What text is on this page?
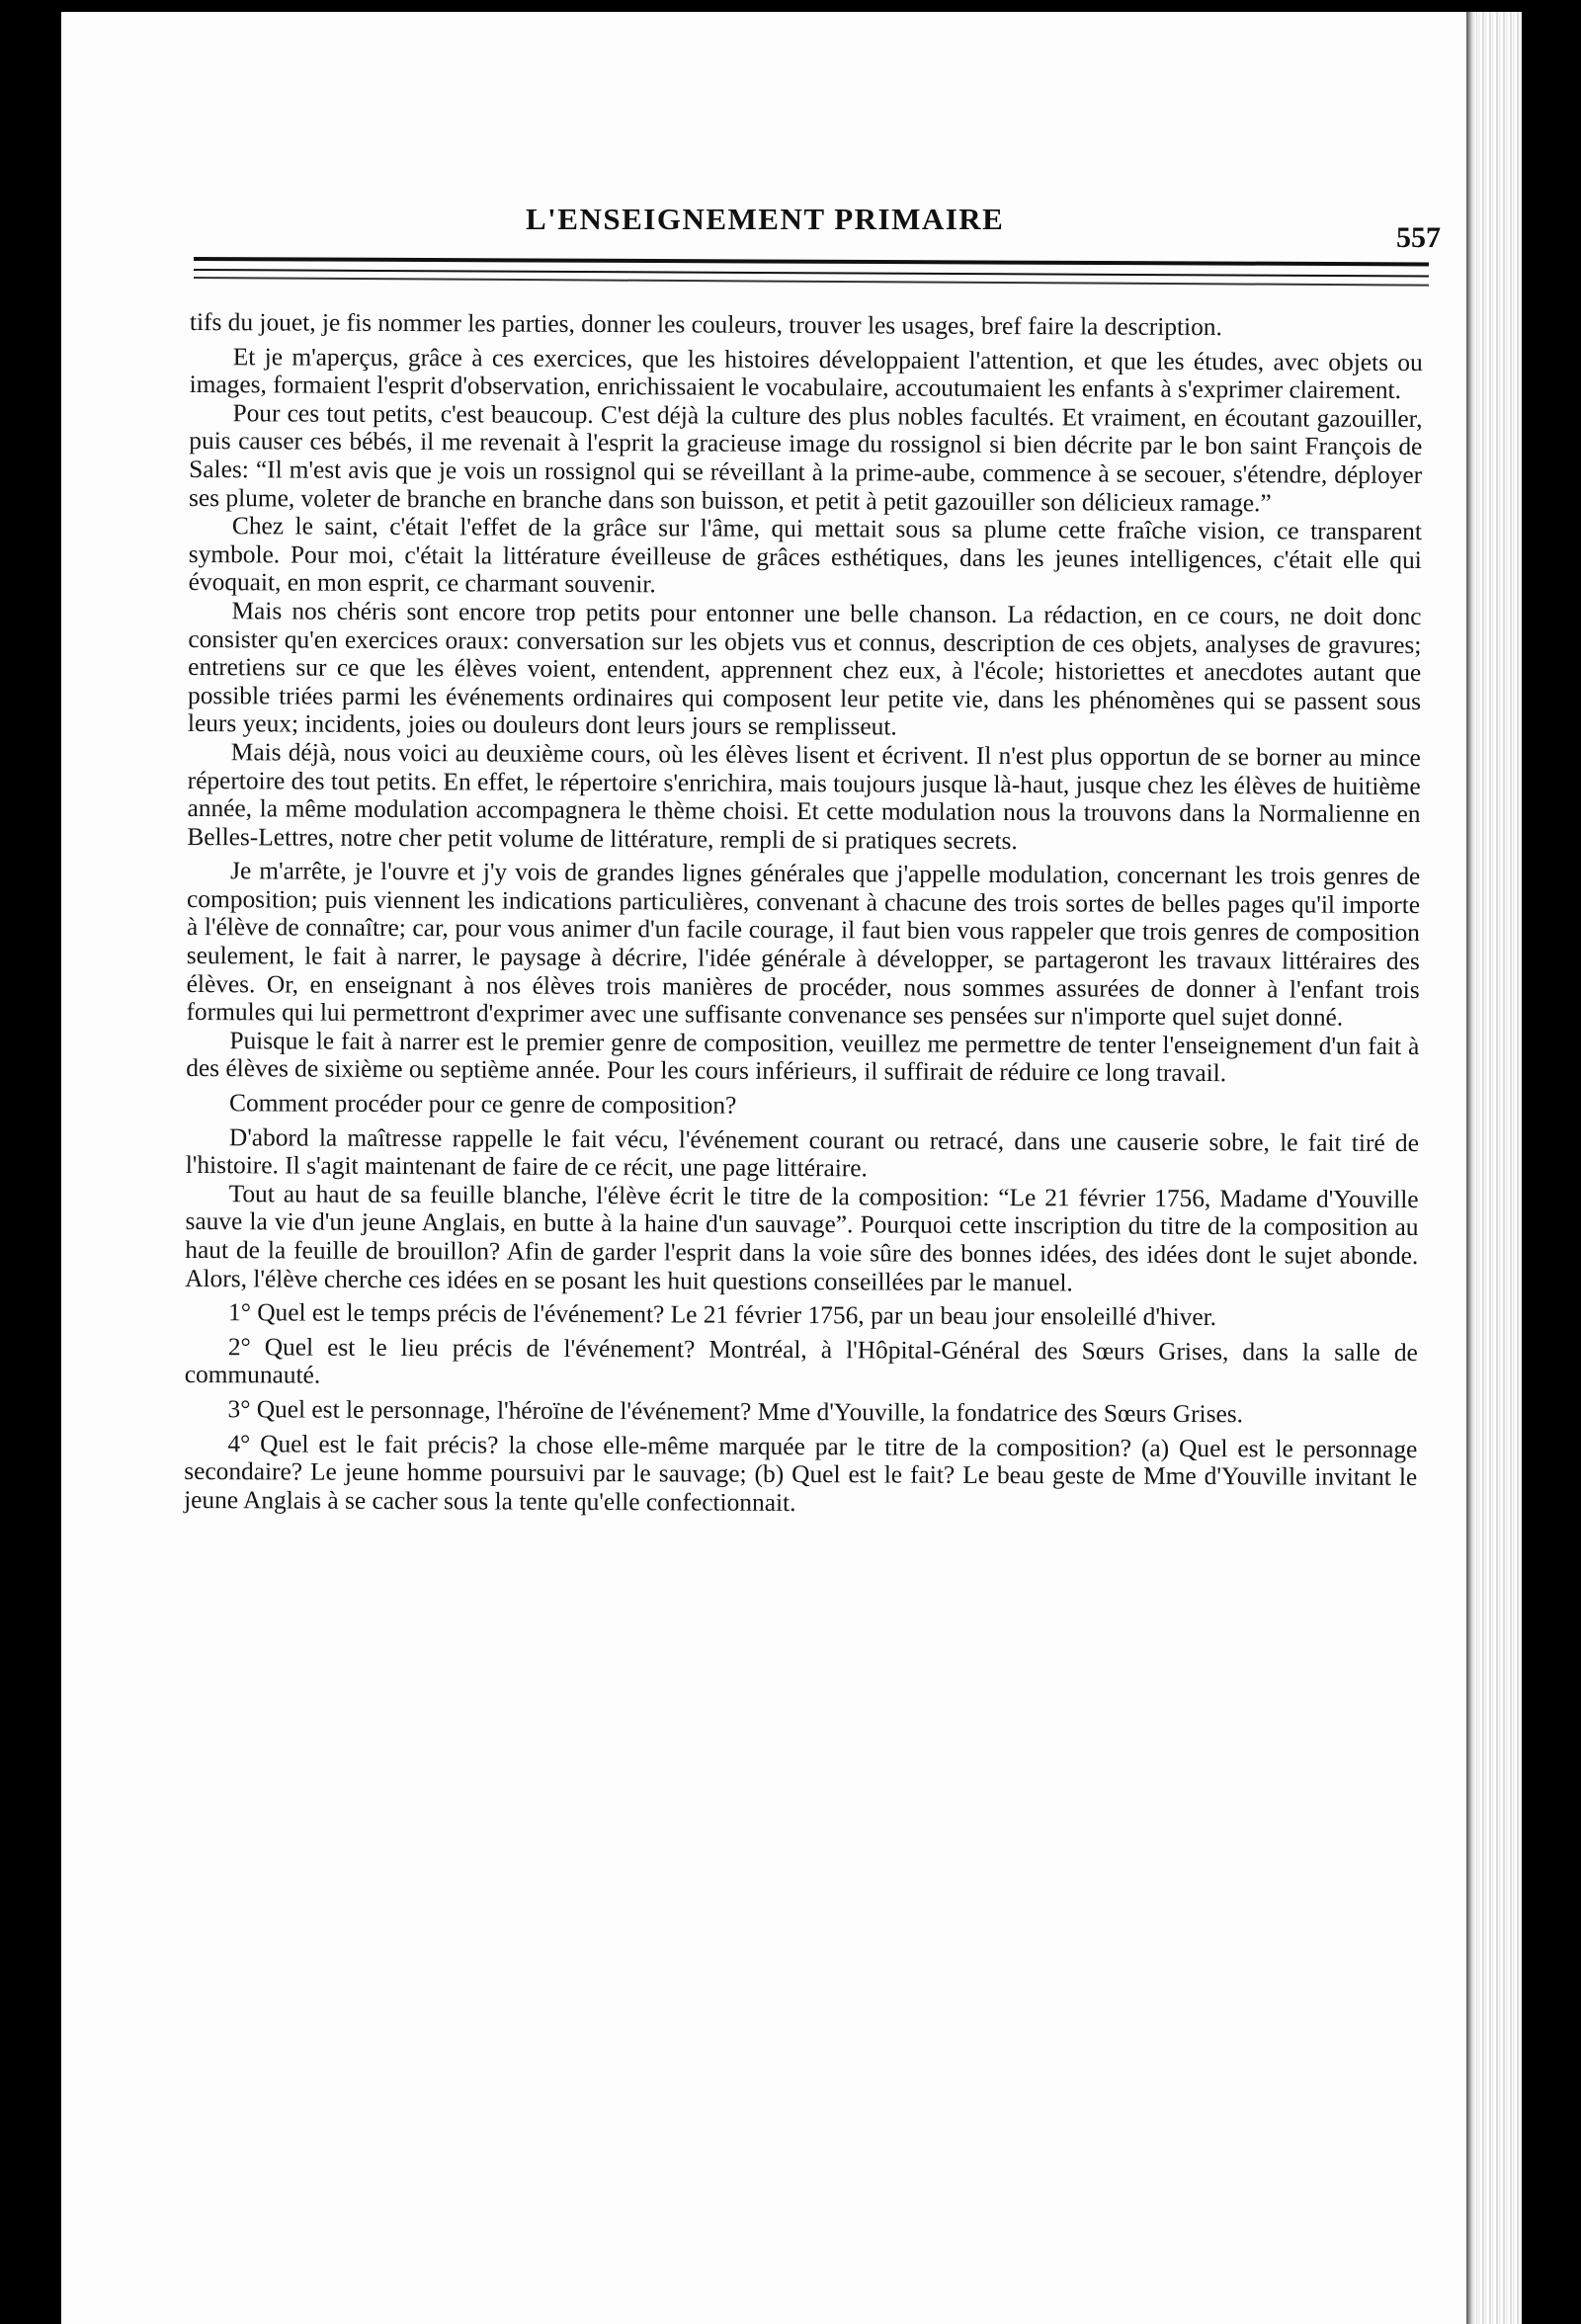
L'ENSEIGNEMENT PRIMAIRE
557

tifs du jouet, je fis nommer les parties, donner les couleurs, trouver les usages, bref faire la description.

Et je m'aperçus, grâce à ces exercices, que les histoires développaient l'attention, et que les études, avec objets ou images, formaient l'esprit d'observation, enrichissaient le vocabulaire, accoutumaient les enfants à s'exprimer clairement.

Pour ces tout petits, c'est beaucoup. C'est déjà la culture des plus nobles facultés. Et vraiment, en écoutant gazouiller, puis causer ces bébés, il me revenait à l'esprit la gracieuse image du rossignol si bien décrite par le bon saint François de Sales: “Il m'est avis que je vois un rossignol qui se réveillant à la prime-aube, commence à se secouer, s'étendre, déployer ses plume, voleter de branche en branche dans son buisson, et petit à petit gazouiller son délicieux ramage.”

Chez le saint, c'était l'effet de la grâce sur l'âme, qui mettait sous sa plume cette fraîche vision, ce transparent symbole. Pour moi, c'était la littérature éveilleuse de grâces esthétiques, dans les jeunes intelligences, c'était elle qui évoquait, en mon esprit, ce charmant souvenir.

Mais nos chéris sont encore trop petits pour entonner une belle chanson. La rédaction, en ce cours, ne doit donc consister qu'en exercices oraux: conversation sur les objets vus et connus, description de ces objets, analyses de gravures; entretiens sur ce que les élèves voient, entendent, apprennent chez eux, à l'école; historiettes et anecdotes autant que possible triées parmi les événements ordinaires qui composent leur petite vie, dans les phénomènes qui se passent sous leurs yeux; incidents, joies ou douleurs dont leurs jours se remplisseut.

Mais déjà, nous voici au deuxième cours, où les élèves lisent et écrivent. Il n'est plus opportun de se borner au mince répertoire des tout petits. En effet, le répertoire s'enrichira, mais toujours jusque là-haut, jusque chez les élèves de huitième année, la même modulation accompagnera le thème choisi. Et cette modulation nous la trouvons dans la Normalienne en Belles-Lettres, notre cher petit volume de littérature, rempli de si pratiques secrets.

Je m'arrête, je l'ouvre et j'y vois de grandes lignes générales que j'appelle modulation, concernant les trois genres de composition; puis viennent les indications particulières, convenant à chacune des trois sortes de belles pages qu'il importe à l'élève de connaître; car, pour vous animer d'un facile courage, il faut bien vous rappeler que trois genres de composition seulement, le fait à narrer, le paysage à décrire, l'idée générale à développer, se partageront les travaux littéraires des élèves. Or, en enseignant à nos élèves trois manières de procéder, nous sommes assurées de donner à l'enfant trois formules qui lui permettront d'exprimer avec une suffisante convenance ses pensées sur n'importe quel sujet donné.

Puisque le fait à narrer est le premier genre de composition, veuillez me permettre de tenter l'enseignement d'un fait à des élèves de sixième ou septième année. Pour les cours inférieurs, il suffirait de réduire ce long travail.

Comment procéder pour ce genre de composition?

D'abord la maîtresse rappelle le fait vécu, l'événement courant ou retracé, dans une causerie sobre, le fait tiré de l'histoire. Il s'agit maintenant de faire de ce récit, une page littéraire.

Tout au haut de sa feuille blanche, l'élève écrit le titre de la composition: “Le 21 février 1756, Madame d'Youville sauve la vie d'un jeune Anglais, en butte à la haine d'un sauvage”. Pourquoi cette inscription du titre de la composition au haut de la feuille de brouillon? Afin de garder l'esprit dans la voie sûre des bonnes idées, des idées dont le sujet abonde. Alors, l'élève cherche ces idées en se posant les huit questions conseillées par le manuel.

1° Quel est le temps précis de l'événement? Le 21 février 1756, par un beau jour ensoleillé d'hiver.

2° Quel est le lieu précis de l'événement? Montréal, à l'Hôpital-Général des Sœurs Grises, dans la salle de communauté.

3° Quel est le personnage, l'héroïne de l'événement? Mme d'Youville, la fondatrice des Sœurs Grises.

4° Quel est le fait précis? la chose elle-même marquée par le titre de la composition? (a) Quel est le personnage secondaire? Le jeune homme poursuivi par le sauvage; (b) Quel est le fait? Le beau geste de Mme d'Youville invitant le jeune Anglais à se cacher sous la tente qu'elle confectionnait.
